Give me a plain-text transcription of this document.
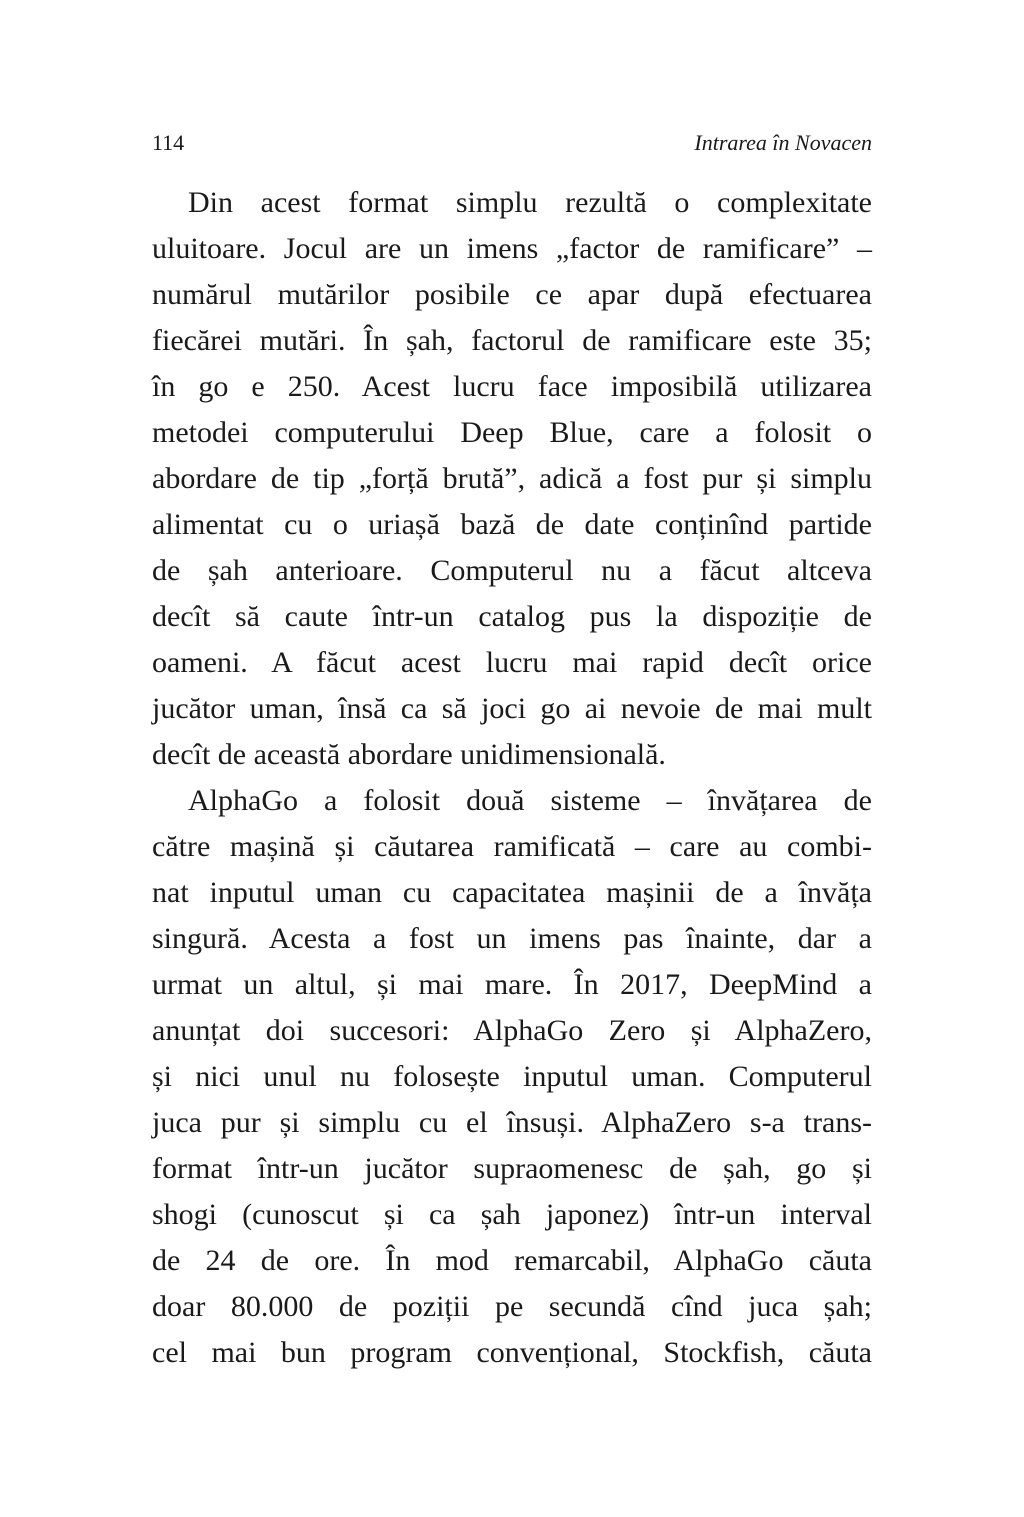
114	Intrarea în Novacen
Din acest format simplu rezultă o complexitate
uluitoare. Jocul are un imens „factor de ramificare” –
numărul mutărilor posibile ce apar după efectuarea
fiecărei mutări. În șah, factorul de ramificare este 35;
în go e 250. Acest lucru face imposibilă utilizarea
metodei computerului Deep Blue, care a folosit o
abordare de tip „forță brută”, adică a fost pur și simplu
alimentat cu o uriașă bază de date conținînd partide
de șah anterioare. Computerul nu a făcut altceva
decît să caute într-un catalog pus la dispoziție de
oameni. A făcut acest lucru mai rapid decît orice
jucător uman, însă ca să joci go ai nevoie de mai mult
decît de această abordare unidimensională.
AlphaGo a folosit două sisteme – învățarea de
către mașină și căutarea ramificată – care au combi-
nat inputul uman cu capacitatea mașinii de a învăța
singură. Acesta a fost un imens pas înainte, dar a
urmat un altul, și mai mare. În 2017, DeepMind a
anunțat doi succesori: AlphaGo Zero și AlphaZero,
și nici unul nu folosește inputul uman. Computerul
juca pur și simplu cu el însuși. AlphaZero s-a trans-
format într-un jucător supraomenesc de șah, go și
shogi (cunoscut și ca șah japonez) într-un interval
de 24 de ore. În mod remarcabil, AlphaGo căuta
doar 80.000 de poziții pe secundă cînd juca șah;
cel mai bun program convențional, Stockfish, căuta
